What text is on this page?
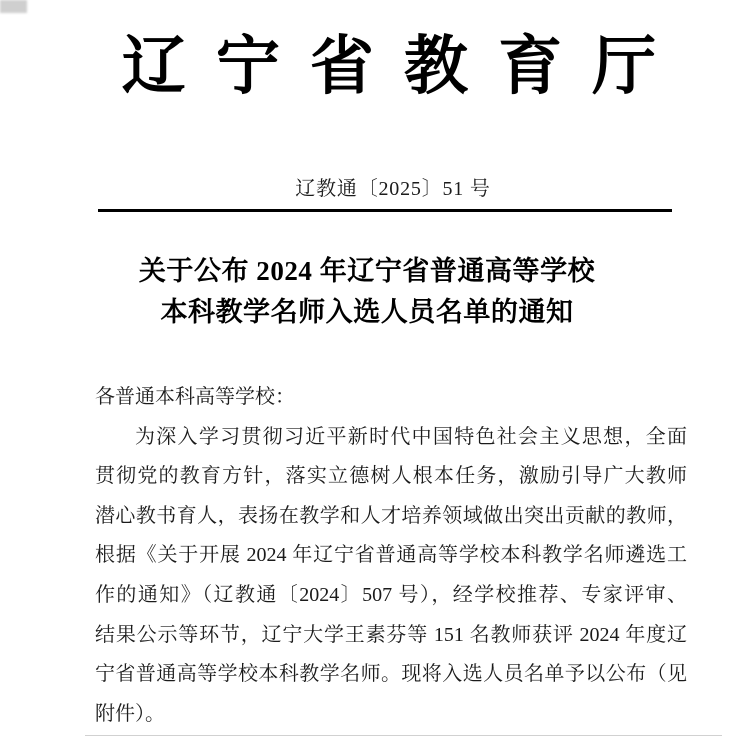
辽宁省教育厅
辽教通〔2025〕51 号
关于公布 2024 年辽宁省普通高等学校
本科教学名师入选人员名单的通知
各普通本科高等学校：
为深入学习贯彻习近平新时代中国特色社会主义思想，全面
贯彻党的教育方针，落实立德树人根本任务，激励引导广大教师
潜心教书育人，表扬在教学和人才培养领域做出突出贡献的教师，
根据《关于开展 2024 年辽宁省普通高等学校本科教学名师遴选工
作的通知》（辽教通〔2024〕507 号），经学校推荐、专家评审、
结果公示等环节，辽宁大学王素芬等 151 名教师获评 2024 年度辽
宁省普通高等学校本科教学名师。现将入选人员名单予以公布（见
附件）。
